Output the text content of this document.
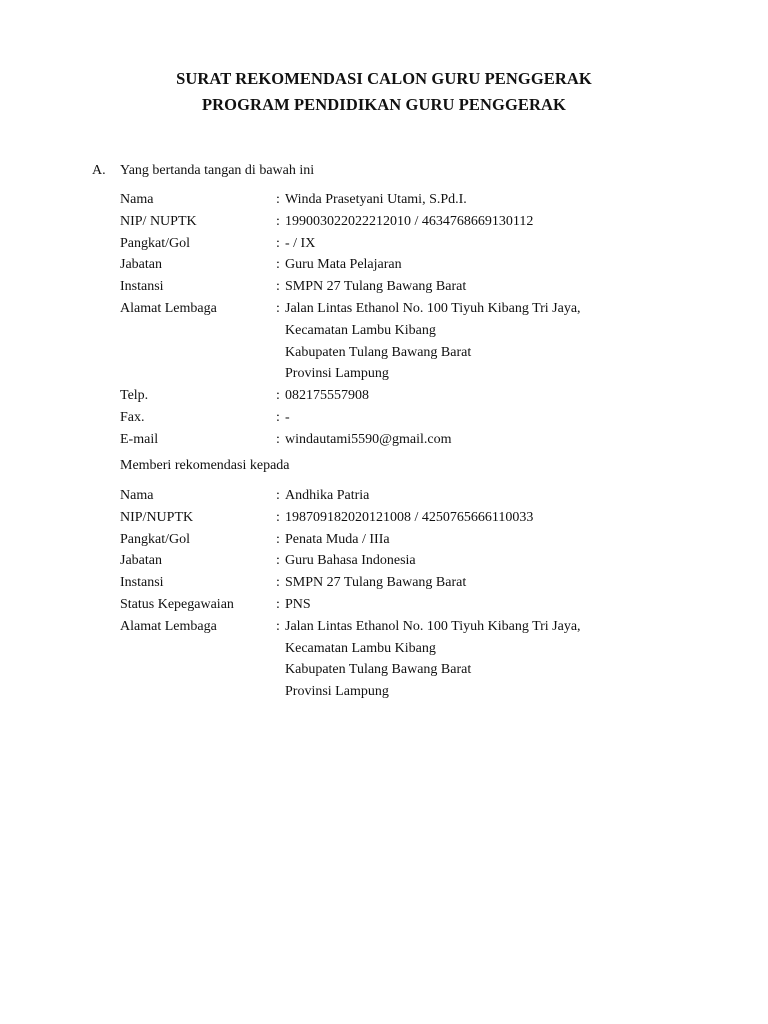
SURAT REKOMENDASI CALON GURU PENGGERAK
PROGRAM PENDIDIKAN GURU PENGGERAK
A. Yang bertanda tangan di bawah ini
Nama	: Winda Prasetyani Utami, S.Pd.I.
NIP/ NUPTK	: 199003022022212010 / 4634768669130112
Pangkat/Gol	: - / IX
Jabatan	: Guru Mata Pelajaran
Instansi	: SMPN 27 Tulang Bawang Barat
Alamat Lembaga	: Jalan Lintas Ethanol No. 100 Tiyuh Kibang Tri Jaya,
Kecamatan Lambu Kibang
Kabupaten Tulang Bawang Barat
Provinsi Lampung
Telp.	: 082175557908
Fax.	: -
E-mail	: windautami5590@gmail.com
Memberi rekomendasi kepada
Nama	: Andhika Patria
NIP/NUPTK	: 198709182020121008 / 4250765666110033
Pangkat/Gol	: Penata Muda / IIIa
Jabatan	: Guru Bahasa Indonesia
Instansi	: SMPN 27 Tulang Bawang Barat
Status Kepegawaian	: PNS
Alamat Lembaga	: Jalan Lintas Ethanol No. 100 Tiyuh Kibang Tri Jaya,
Kecamatan Lambu Kibang
Kabupaten Tulang Bawang Barat
Provinsi Lampung
